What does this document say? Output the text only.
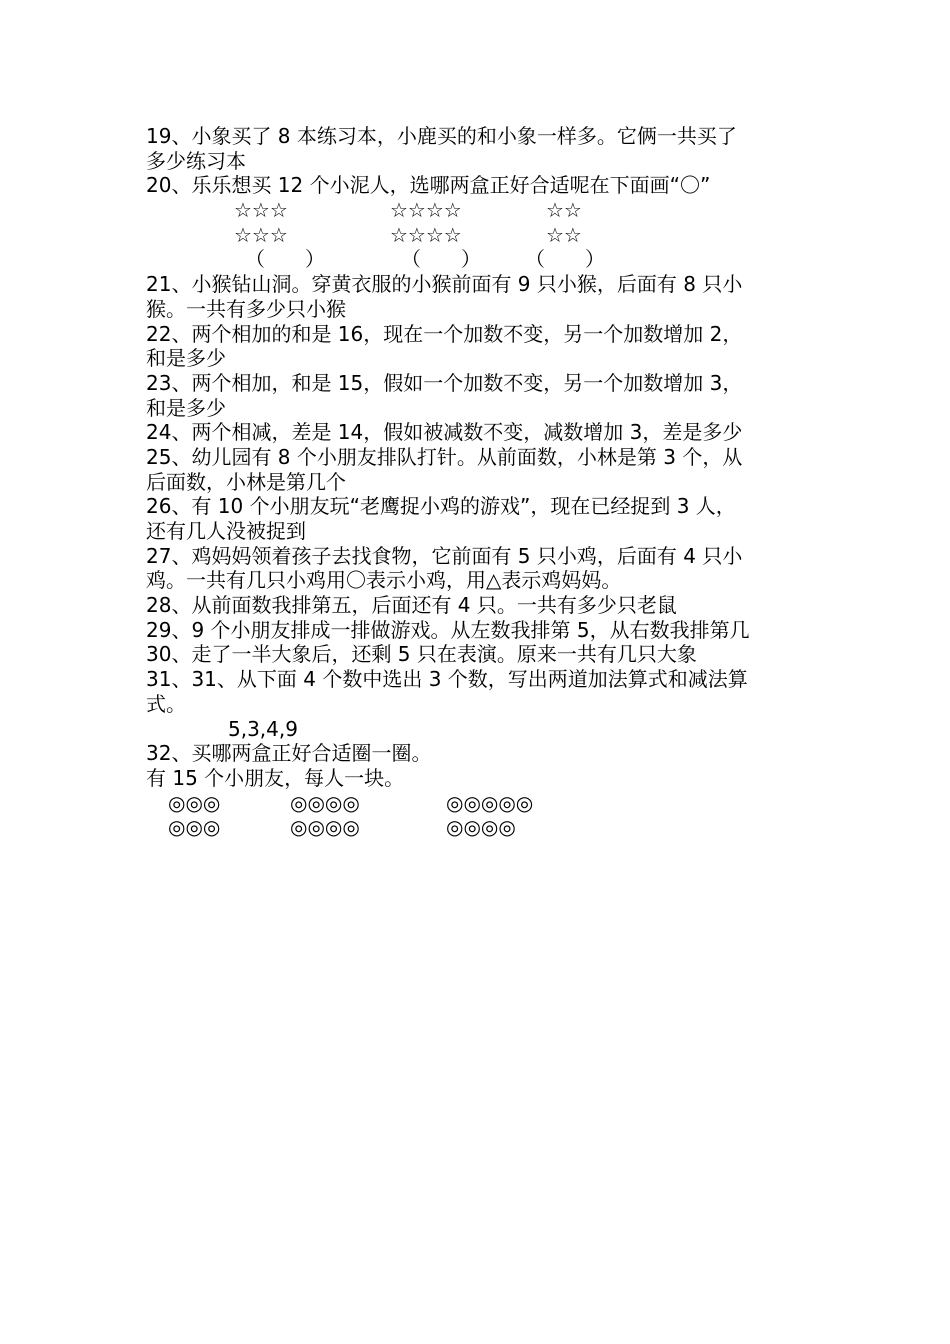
19、小象买了 8 本练习本，小鹿买的和小象一样多。它俩一共买了
多少练习本
20、乐乐想买 12 个小泥人，选哪两盒正好合适呢在下面画“〇”
☆☆☆	☆☆☆☆	☆☆
☆☆☆	☆☆☆☆	☆☆
（　　）	（　　）	（　　）
21、小猴钻山洞。穿黄衣服的小猴前面有 9 只小猴，后面有 8 只小
猴。一共有多少只小猴
22、两个相加的和是 16，现在一个加数不变，另一个加数增加 2，
和是多少
23、两个相加，和是 15，假如一个加数不变，另一个加数增加 3，
和是多少
24、两个相减，差是 14，假如被减数不变，减数增加 3，差是多少
25、幼儿园有 8 个小朋友排队打针。从前面数，小林是第 3 个，从
后面数，小林是第几个
26、有 10 个小朋友玩“老鹰捉小鸡的游戏”，现在已经捉到 3 人，
还有几人没被捉到
27、鸡妈妈领着孩子去找食物，它前面有 5 只小鸡，后面有 4 只小
鸡。一共有几只小鸡用〇表示小鸡，用△表示鸡妈妈。
28、从前面数我排第五，后面还有 4 只。一共有多少只老鼠
29、9 个小朋友排成一排做游戏。从左数我排第 5，从右数我排第几
30、走了一半大象后，还剩 5 只在表演。原来一共有几只大象
31、31、从下面 4 个数中选出 3 个数，写出两道加法算式和减法算
式。
5,3,4,9
32、买哪两盒正好合适圈一圈。
有 15 个小朋友，每人一块。
◎◎◎	◎◎◎◎	◎◎◎◎◎
◎◎◎	◎◎◎◎	◎◎◎◎
